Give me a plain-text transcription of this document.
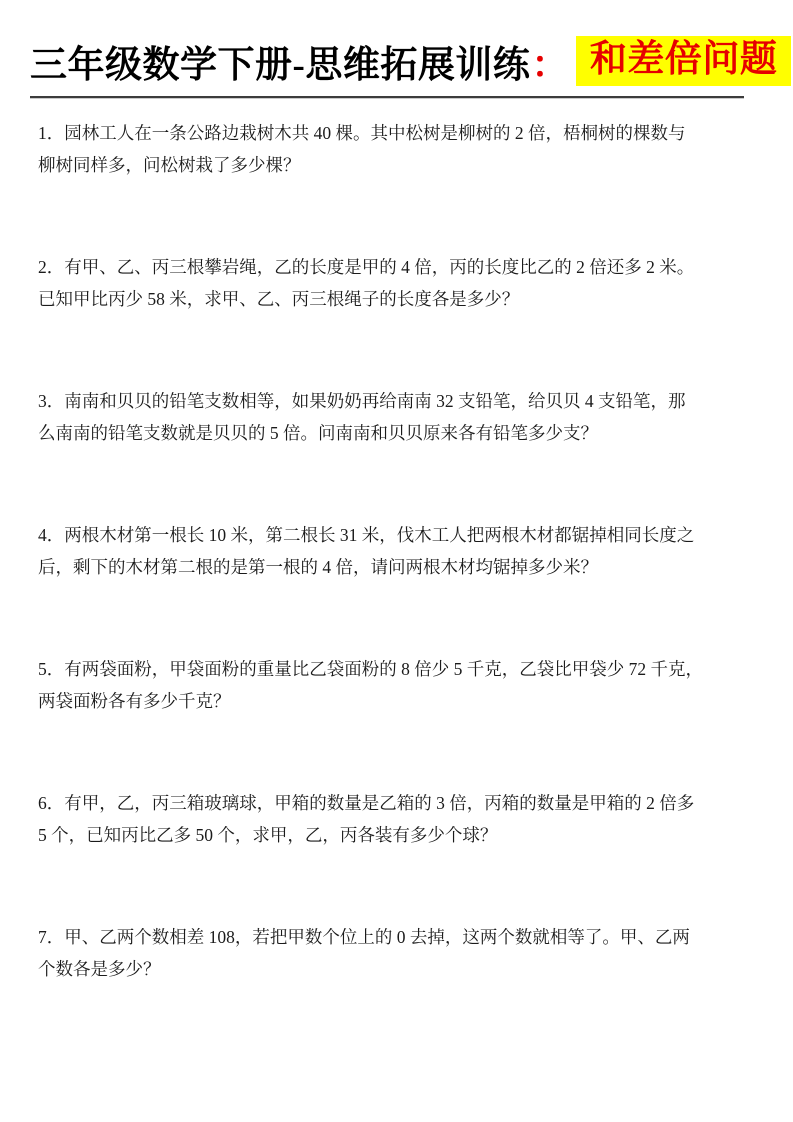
三年级数学下册-思维拓展训练 ： 和差倍问题
1．园林工人在一条公路边栽树木共 40 棵。其中松树是柳树的 2 倍，梧桐树的棵数与
柳树同样多，问松树栽了多少棵？
2．有甲、乙、丙三根攀岩绳，乙的长度是甲的 4 倍，丙的长度比乙的 2 倍还多 2 米。
已知甲比丙少 58 米，求甲、乙、丙三根绳子的长度各是多少？
3．南南和贝贝的铅笔支数相等，如果奶奶再给南南 32 支铅笔，给贝贝 4 支铅笔，那
么南南的铅笔支数就是贝贝的 5 倍。问南南和贝贝原来各有铅笔多少支？
4．两根木材第一根长 10 米，第二根长 31 米，伐木工人把两根木材都锯掉相同长度之
后，剩下的木材第二根的是第一根的 4 倍，请问两根木材均锯掉多少米？
5．有两袋面粉，甲袋面粉的重量比乙袋面粉的 8 倍少 5 千克，乙袋比甲袋少 72 千克，
两袋面粉各有多少千克？
6．有甲，乙，丙三箱玻璃球，甲箱的数量是乙箱的 3 倍，丙箱的数量是甲箱的 2 倍多
5 个，已知丙比乙多 50 个，求甲，乙，丙各装有多少个球？
7．甲、乙两个数相差 108，若把甲数个位上的 0 去掉，这两个数就相等了。甲、乙两
个数各是多少？
